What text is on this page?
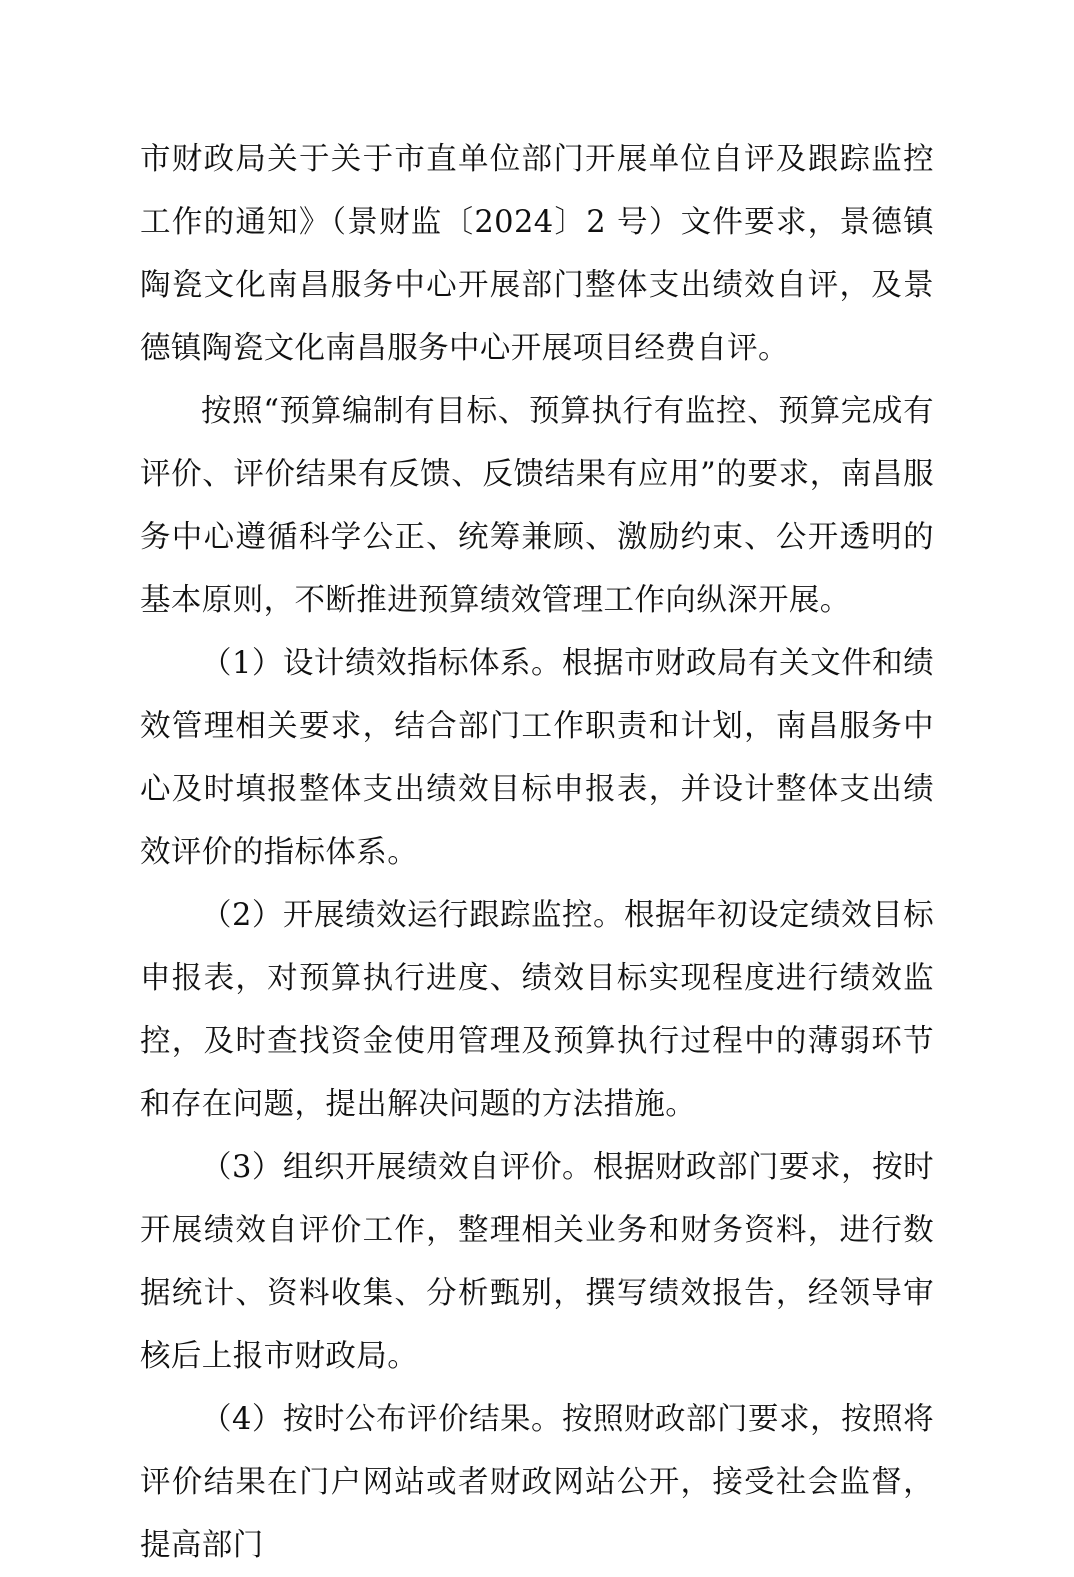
市财政局关于关于市直单位部门开展单位自评及跟踪监控工作的通知》（景财监〔2024〕2 号）文件要求，景德镇陶瓷文化南昌服务中心开展部门整体支出绩效自评，及景德镇陶瓷文化南昌服务中心开展项目经费自评。

按照“预算编制有目标、预算执行有监控、预算完成有评价、评价结果有反馈、反馈结果有应用”的要求，南昌服务中心遵循科学公正、统筹兼顾、激励约束、公开透明的基本原则，不断推进预算绩效管理工作向纵深开展。

（1）设计绩效指标体系。根据市财政局有关文件和绩效管理相关要求，结合部门工作职责和计划，南昌服务中心及时填报整体支出绩效目标申报表，并设计整体支出绩效评价的指标体系。

（2）开展绩效运行跟踪监控。根据年初设定绩效目标申报表，对预算执行进度、绩效目标实现程度进行绩效监控，及时查找资金使用管理及预算执行过程中的薄弱环节和存在问题，提出解决问题的方法措施。

（3）组织开展绩效自评价。根据财政部门要求，按时开展绩效自评价工作，整理相关业务和财务资料，进行数据统计、资料收集、分析甄别，撰写绩效报告，经领导审核后上报市财政局。

（4）按时公布评价结果。按照财政部门要求，按照将评价结果在门户网站或者财政网站公开，接受社会监督，提高部门
